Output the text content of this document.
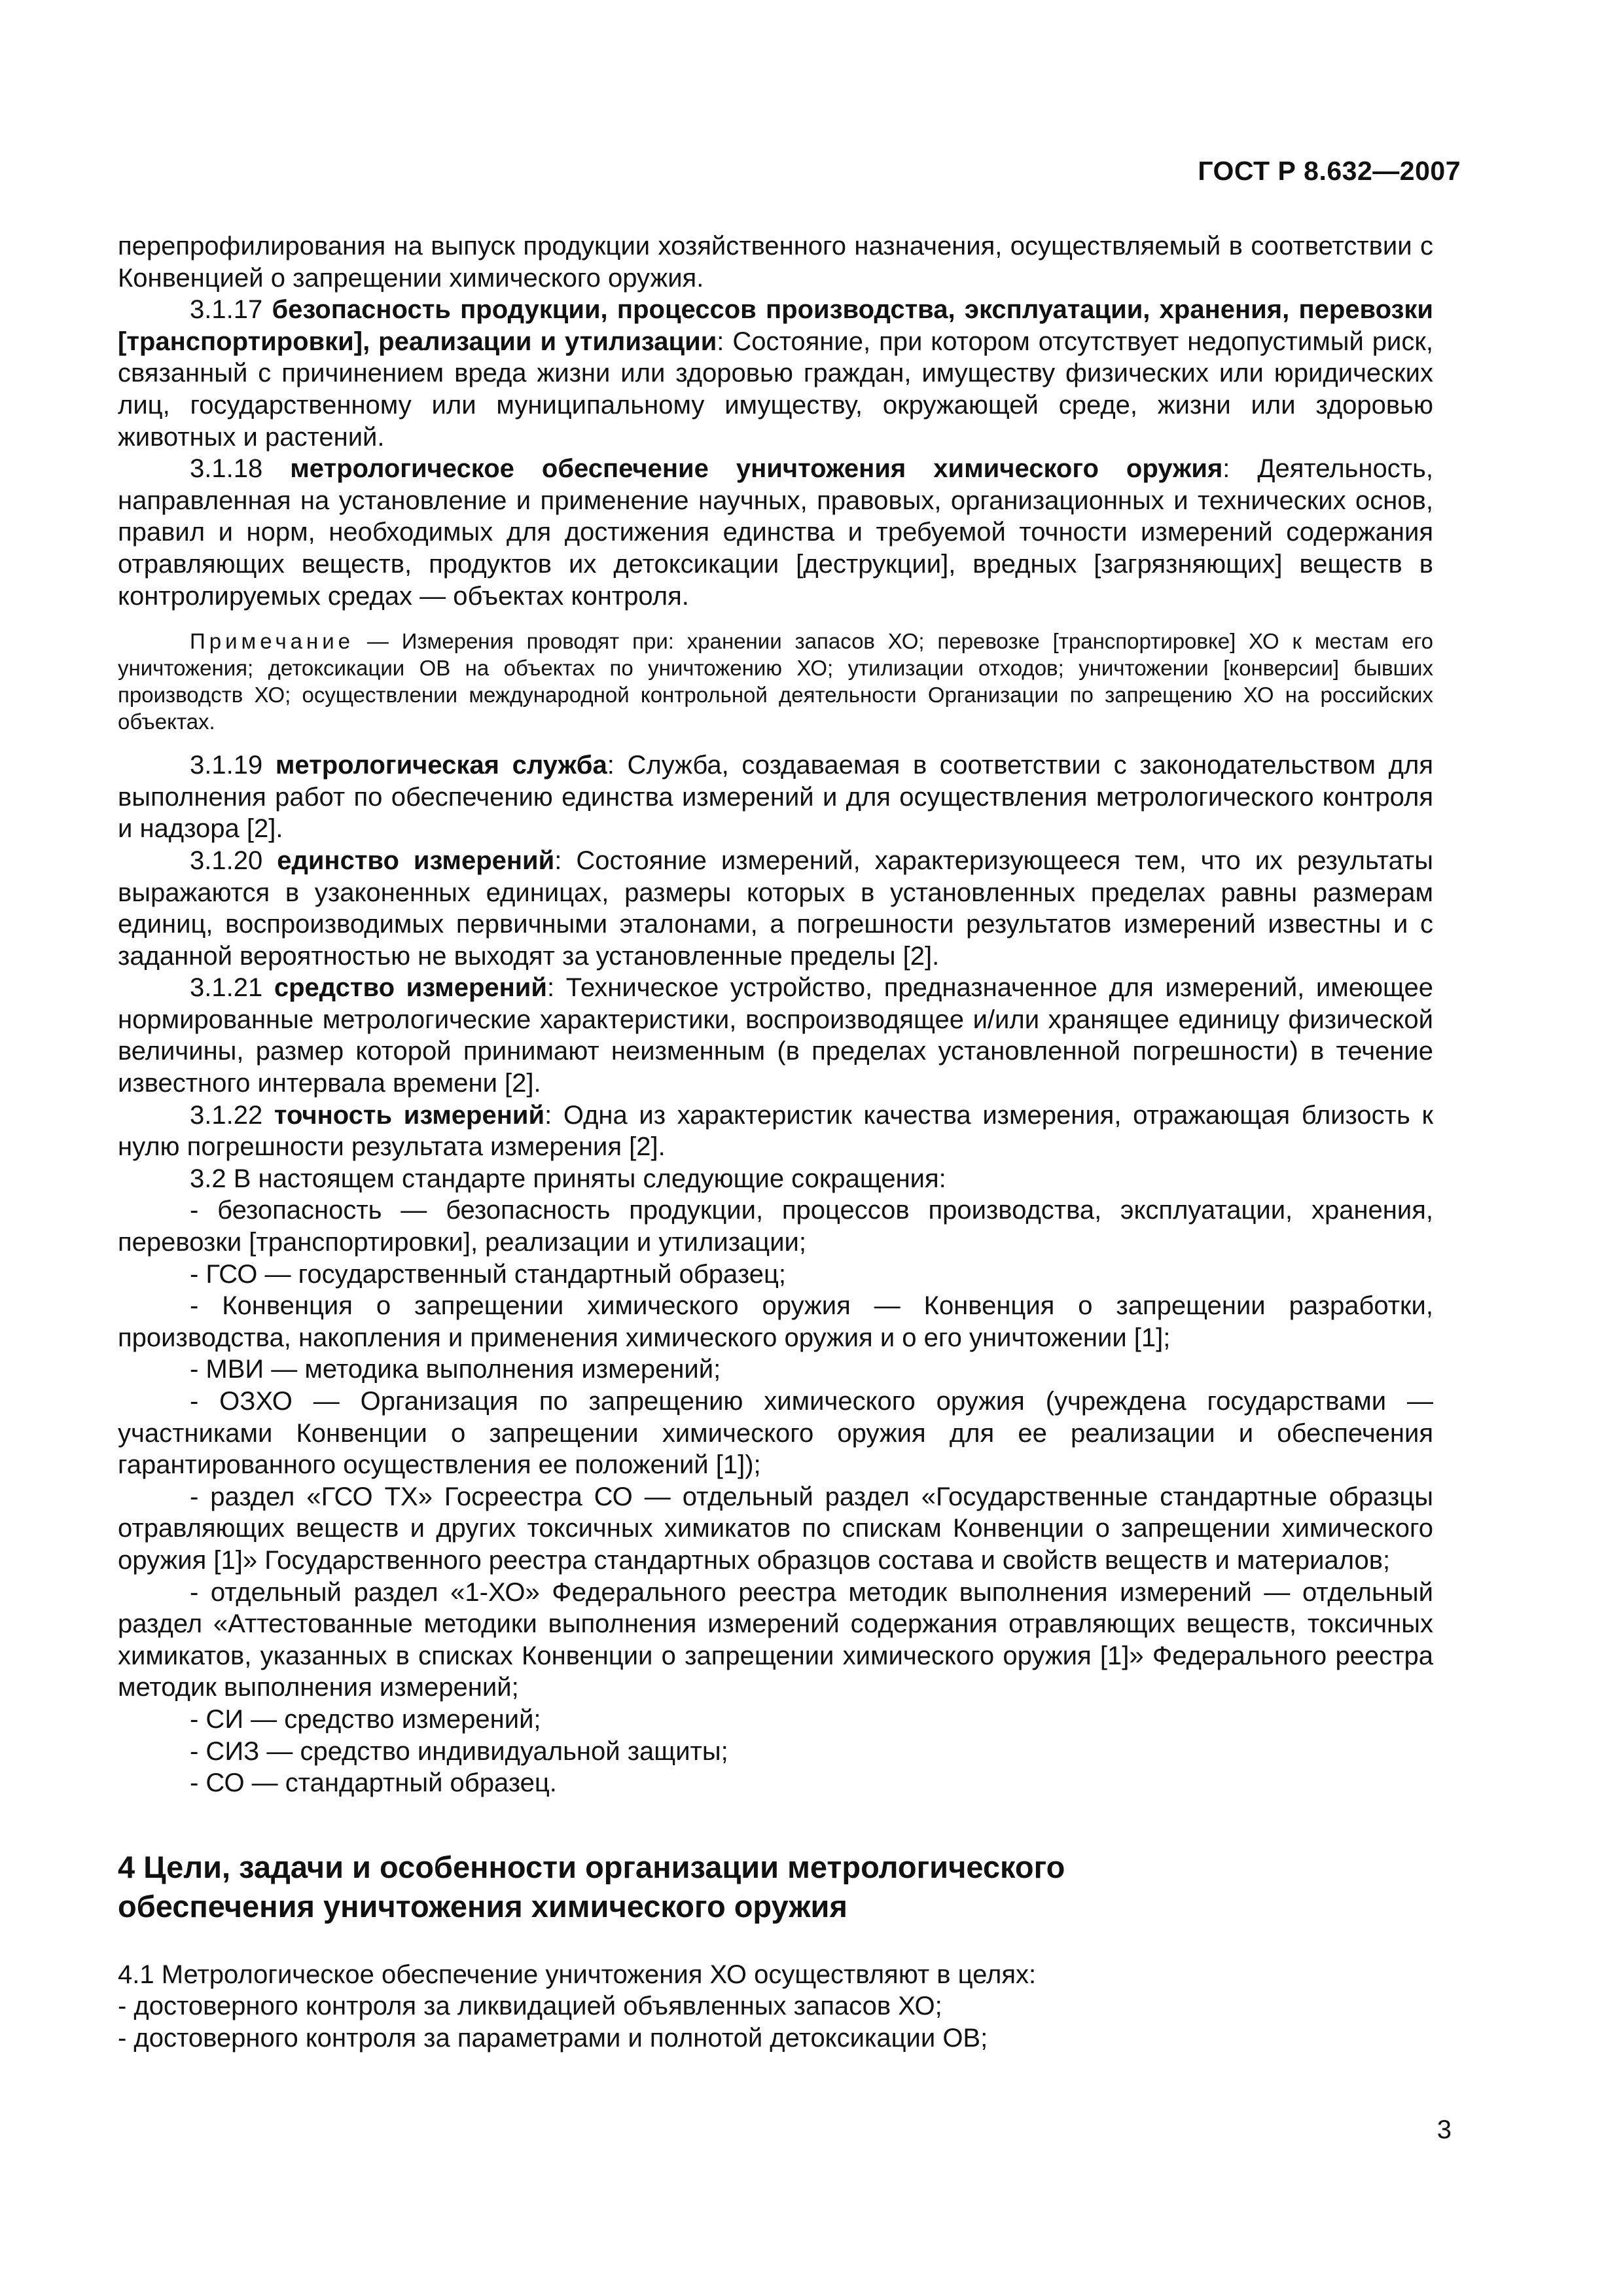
ГОСТ Р 8.632—2007

перепрофилирования на выпуск продукции хозяйственного назначения, осуществляемый в соответствии с Конвенцией о запрещении химического оружия.

3.1.17 безопасность продукции, процессов производства, эксплуатации, хранения, перевозки [транспортировки], реализации и утилизации: Состояние, при котором отсутствует недопустимый риск, связанный с причинением вреда жизни или здоровью граждан, имуществу физических или юридических лиц, государственному или муниципальному имуществу, окружающей среде, жизни или здоровью животных и растений.

3.1.18 метрологическое обеспечение уничтожения химического оружия: Деятельность, направленная на установление и применение научных, правовых, организационных и технических основ, правил и норм, необходимых для достижения единства и требуемой точности измерений содержания отравляющих веществ, продуктов их детоксикации [деструкции], вредных [загрязняющих] веществ в контролируемых средах — объектах контроля.

Примечание — Измерения проводят при: хранении запасов ХО; перевозке [транспортировке] ХО к местам его уничтожения; детоксикации ОВ на объектах по уничтожению ХО; утилизации отходов; уничтожении [конверсии] бывших производств ХО; осуществлении международной контрольной деятельности Организации по запрещению ХО на российских объектах.

3.1.19 метрологическая служба: Служба, создаваемая в соответствии с законодательством для выполнения работ по обеспечению единства измерений и для осуществления метрологического контроля и надзора [2].

3.1.20 единство измерений: Состояние измерений, характеризующееся тем, что их результаты выражаются в узаконенных единицах, размеры которых в установленных пределах равны размерам единиц, воспроизводимых первичными эталонами, а погрешности результатов измерений известны и с заданной вероятностью не выходят за установленные пределы [2].

3.1.21 средство измерений: Техническое устройство, предназначенное для измерений, имеющее нормированные метрологические характеристики, воспроизводящее и/или хранящее единицу физической величины, размер которой принимают неизменным (в пределах установленной погрешности) в течение известного интервала времени [2].

3.1.22 точность измерений: Одна из характеристик качества измерения, отражающая близость к нулю погрешности результата измерения [2].

3.2 В настоящем стандарте приняты следующие сокращения:

- безопасность — безопасность продукции, процессов производства, эксплуатации, хранения, перевозки [транспортировки], реализации и утилизации;

- ГСО — государственный стандартный образец;

- Конвенция о запрещении химического оружия — Конвенция о запрещении разработки, производства, накопления и применения химического оружия и о его уничтожении [1];

- МВИ — методика выполнения измерений;

- ОЗХО — Организация по запрещению химического оружия (учреждена государствами — участниками Конвенции о запрещении химического оружия для ее реализации и обеспечения гарантированного осуществления ее положений [1]);

- раздел «ГСО ТХ» Госреестра СО — отдельный раздел «Государственные стандартные образцы отравляющих веществ и других токсичных химикатов по спискам Конвенции о запрещении химического оружия [1]» Государственного реестра стандартных образцов состава и свойств веществ и материалов;

- отдельный раздел «1-ХО» Федерального реестра методик выполнения измерений — отдельный раздел «Аттестованные методики выполнения измерений содержания отравляющих веществ, токсичных химикатов, указанных в списках Конвенции о запрещении химического оружия [1]» Федерального реестра методик выполнения измерений;

- СИ — средство измерений;

- СИЗ — средство индивидуальной защиты;

- СО — стандартный образец.

4 Цели, задачи и особенности организации метрологического
обеспечения уничтожения химического оружия

4.1 Метрологическое обеспечение уничтожения ХО осуществляют в целях:

- достоверного контроля за ликвидацией объявленных запасов ХО;

- достоверного контроля за параметрами и полнотой детоксикации ОВ;

3
